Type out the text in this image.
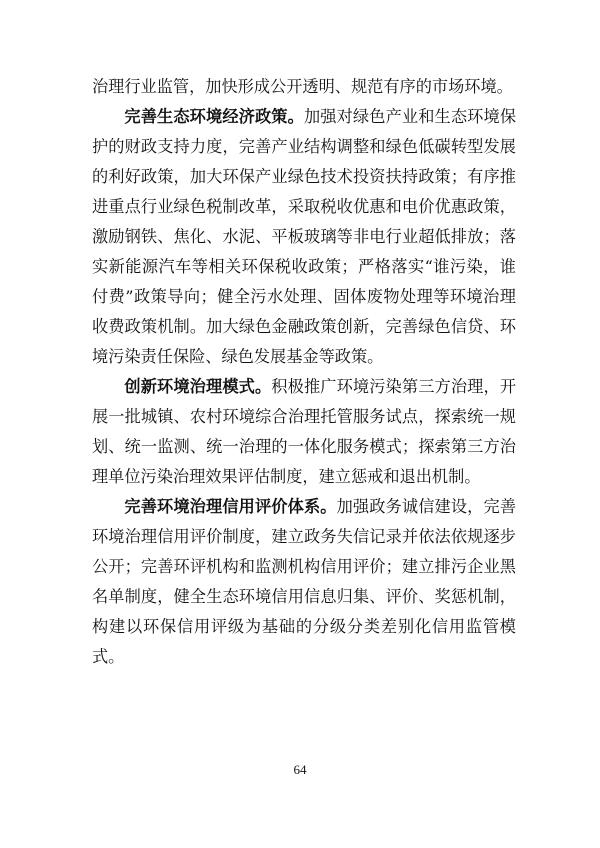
治理行业监管，加快形成公开透明、规范有序的市场环境。

完善生态环境经济政策。加强对绿色产业和生态环境保护的财政支持力度，完善产业结构调整和绿色低碳转型发展的利好政策，加大环保产业绿色技术投资扶持政策；有序推进重点行业绿色税制改革，采取税收优惠和电价优惠政策，激励钢铁、焦化、水泥、平板玻璃等非电行业超低排放；落实新能源汽车等相关环保税收政策；严格落实“谁污染，谁付费”政策导向；健全污水处理、固体废物处理等环境治理收费政策机制。加大绿色金融政策创新，完善绿色信贷、环境污染责任保险、绿色发展基金等政策。

创新环境治理模式。积极推广环境污染第三方治理，开展一批城镇、农村环境综合治理托管服务试点，探索统一规划、统一监测、统一治理的一体化服务模式；探索第三方治理单位污染治理效果评估制度，建立惩戒和退出机制。

完善环境治理信用评价体系。加强政务诚信建设，完善环境治理信用评价制度，建立政务失信记录并依法依规逐步公开；完善环评机构和监测机构信用评价；建立排污企业黑名单制度，健全生态环境信用信息归集、评价、奖惩机制，构建以环保信用评级为基础的分级分类差别化信用监管模式。

64
